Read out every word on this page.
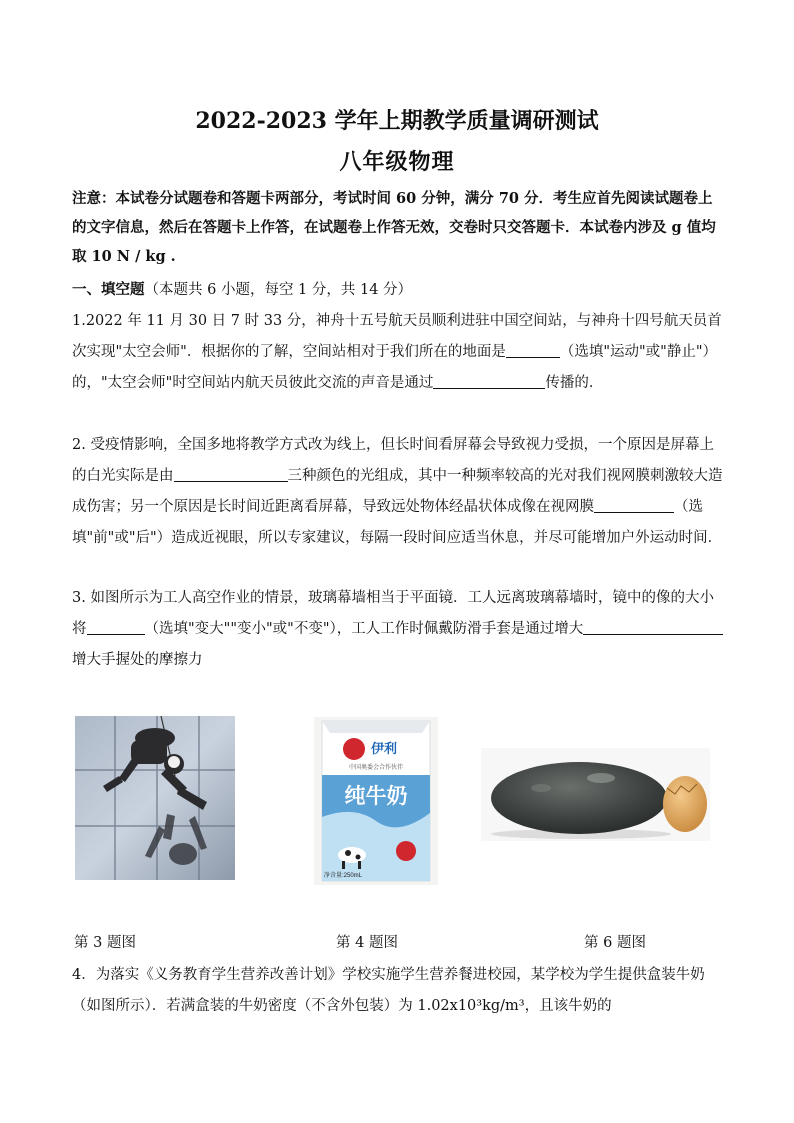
2022-2023 学年上期教学质量调研测试
八年级物理
注意：本试卷分试题卷和答题卡两部分，考试时间 60 分钟，满分 70 分．考生应首先阅读试题卷上的文字信息，然后在答题卡上作答，在试题卷上作答无效，交卷时只交答题卡．本试卷内涉及 g 值均取 10 N / kg .
一、填空题（本题共 6 小题，每空 1 分，共 14 分）
1.2022 年 11 月 30 日 7 时 33 分，神舟十五号航天员顺利进驻中国空间站，与神舟十四号航天员首次实现"太空会师"．根据你的了解，空间站相对于我们所在的地面是	（选填"运动"或"静止"）的，"太空会师"时空间站内航天员彼此交流的声音是通过	传播的．
2. 受疫情影响，全国多地将教学方式改为线上，但长时间看屏幕会导致视力受损，一个原因是屏幕上的白光实际是由	三种颜色的光组成，其中一种频率较高的光对我们视网膜刺激较大造成伤害；另一个原因是长时间近距离看屏幕，导致远处物体经晶状体成像在视网膜	（选填"前"或"后"）造成近视眼，所以专家建议，每隔一段时间应适当休息，并尽可能增加户外运动时间．
3. 如图所示为工人高空作业的情景，玻璃幕墙相当于平面镜．工人远离玻璃幕墙时，镜中的像的大小将	（选填"变大""变小"或"不变"），工人工作时佩戴防滑手套是通过增大增大手握处的摩擦力
伊利
中国奥委会合作伙伴
纯牛奶
净含量:250mL
第 3 题图	第 4 题图	第 6 题图
4．为落实《义务教育学生营养改善计划》学校实施学生营养餐进校园，某学校为学生提供盒装牛奶（如图所示）．若满盒装的牛奶密度（不含外包装）为 1.02x10³kg/m³，且该牛奶的
